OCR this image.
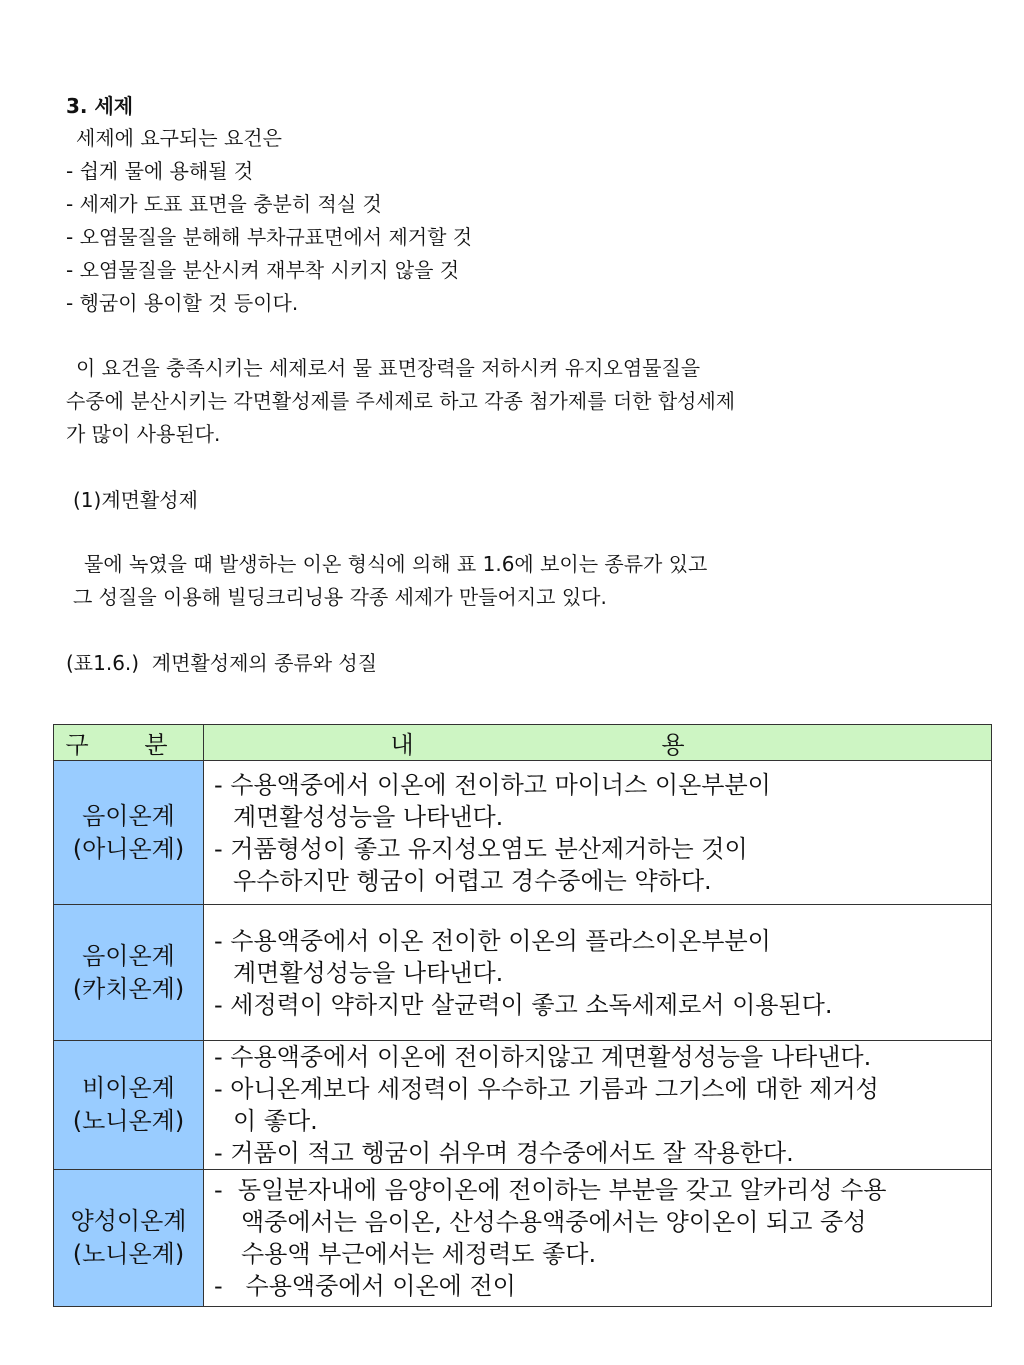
3. 세제
세제에 요구되는 요건은
- 쉽게 물에 용해될 것
- 세제가 도표 표면을 충분히 적실 것
- 오염물질을 분해해 부차규표면에서 제거할 것
- 오염물질을 분산시켜 재부착 시키지 않을 것
- 헹굼이 용이할 것 등이다.
이 요건을 충족시키는 세제로서 물 표면장력을 저하시켜 유지오염물질을
수중에 분산시키는 각면활성제를 주세제로 하고 각종 첨가제를 더한 합성세제
가 많이 사용된다.
(1)계면활성제
물에 녹였을 때 발생하는 이온 형식에 의해 표 1.6에 보이는 종류가 있고
그 성질을 이용해 빌딩크리닝용 각종 세제가 만들어지고 있다.
(표1.6.)  계면활성제의 종류와 성질
구 분	내 용

음이온계
(아니온계)	- 수용액중에서 이온에 전이하고 마이너스 이온부분이
계면활성성능을 나타낸다.
- 거품형성이 좋고 유지성오염도 분산제거하는 것이
우수하지만 헹굼이 어렵고 경수중에는 약하다.

음이온계
(카치온계)	- 수용액중에서 이온 전이한 이온의 플라스이온부분이
계면활성성능을 나타낸다.
- 세정력이 약하지만 살균력이 좋고 소독세제로서 이용된다.

비이온계
(노니온계)	- 수용액중에서 이온에 전이하지않고 계면활성성능을 나타낸다.
- 아니온계보다 세정력이 우수하고 기름과 그기스에 대한 제거성
이 좋다.
- 거품이 적고 헹굼이 쉬우며 경수중에서도 잘 작용한다.

양성이온계
(노니온계)	-  동일분자내에 음양이온에 전이하는 부분을 갖고 알카리성 수용
액중에서는 음이온, 산성수용액중에서는 양이온이 되고 중성
수용액 부근에서는 세정력도 좋다.
-   수용액중에서 이온에 전이
